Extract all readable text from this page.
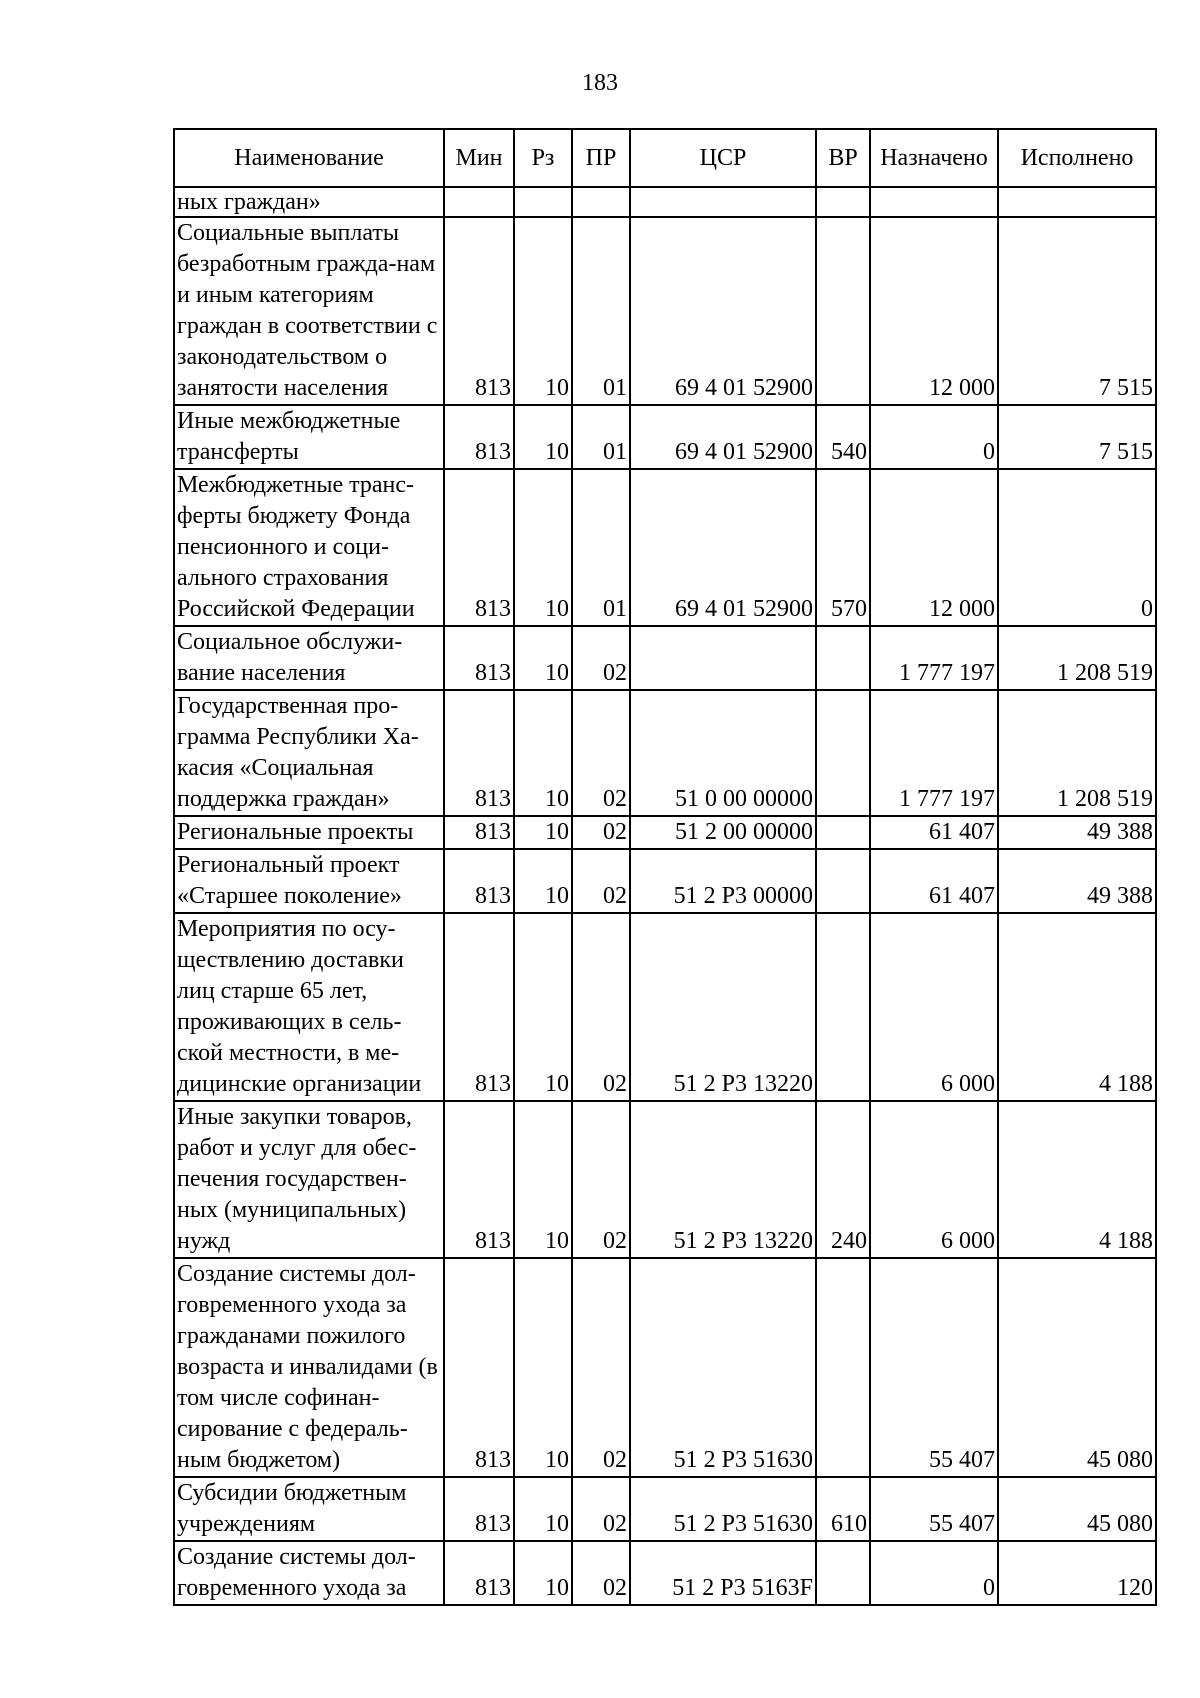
183
Наименование	Мин	Рз	ПР	ЦСР	ВР	Назначено	Исполнено
ных граждан»							
Социальные выплаты безработным гражда-нам и иным категориям граждан в соответствии с законодательством о занятости населения	813	10	01	69 4 01 52900		12 000	7 515
Иные межбюджетные трансферты	813	10	01	69 4 01 52900	540	0	7 515
Межбюджетные транс-ферты бюджету Фонда пенсионного и соци-ального страхования Российской Федерации	813	10	01	69 4 01 52900	570	12 000	0
Социальное обслужи-вание населения	813	10	02			1 777 197	1 208 519
Государственная про-грамма Республики Ха-касия «Социальная поддержка граждан»	813	10	02	51 0 00 00000		1 777 197	1 208 519
Региональные проекты	813	10	02	51 2 00 00000		61 407	49 388
Региональный проект «Старшее поколение»	813	10	02	51 2 P3 00000		61 407	49 388
Мероприятия по осу-ществлению доставки лиц старше 65 лет, проживающих в сель-ской местности, в ме-дицинские организации	813	10	02	51 2 P3 13220		6 000	4 188
Иные закупки товаров, работ и услуг для обес-печения государствен-ных (муниципальных) нужд	813	10	02	51 2 P3 13220	240	6 000	4 188
Создание системы дол-говременного ухода за гражданами пожилого возраста и инвалидами (в том числе софинан-сирование с федераль-ным бюджетом)	813	10	02	51 2 P3 51630		55 407	45 080
Субсидии бюджетным учреждениям	813	10	02	51 2 P3 51630	610	55 407	45 080
Создание системы дол-говременного ухода за	813	10	02	51 2 P3 5163F		0	120
